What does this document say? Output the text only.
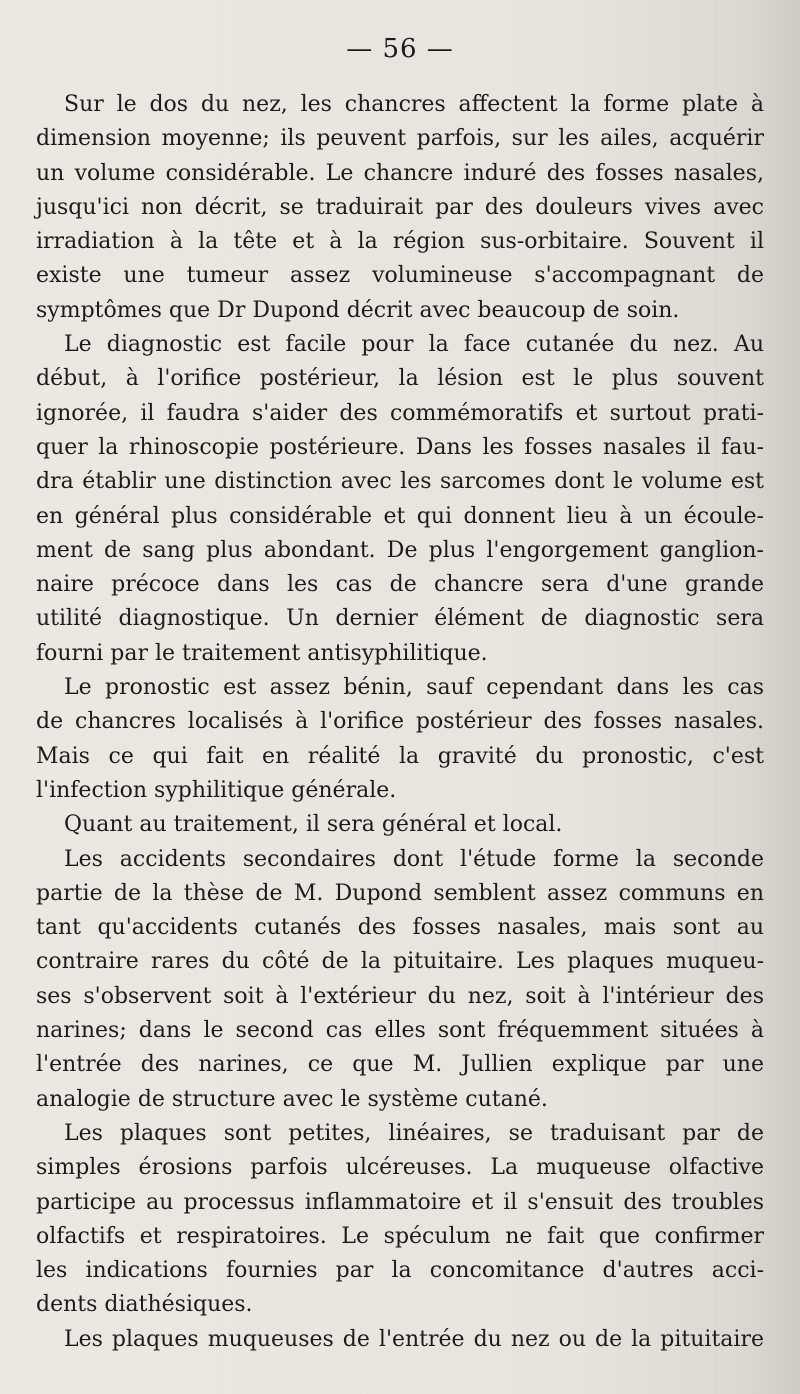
— 56 —
Sur le dos du nez, les chancres affectent la forme plate à
dimension moyenne; ils peuvent parfois, sur les ailes, acquérir
un volume considérable. Le chancre induré des fosses nasales,
jusqu'ici non décrit, se traduirait par des douleurs vives avec
irradiation à la tête et à la région sus-orbitaire. Souvent il
existe une tumeur assez volumineuse s'accompagnant de
symptômes que Dr Dupond décrit avec beaucoup de soin.
Le diagnostic est facile pour la face cutanée du nez. Au
début, à l'orifice postérieur, la lésion est le plus souvent
ignorée, il faudra s'aider des commémoratifs et surtout prati-
quer la rhinoscopie postérieure. Dans les fosses nasales il fau-
dra établir une distinction avec les sarcomes dont le volume est
en général plus considérable et qui donnent lieu à un écoule-
ment de sang plus abondant. De plus l'engorgement ganglion-
naire précoce dans les cas de chancre sera d'une grande
utilité diagnostique. Un dernier élément de diagnostic sera
fourni par le traitement antisyphilitique.
Le pronostic est assez bénin, sauf cependant dans les cas
de chancres localisés à l'orifice postérieur des fosses nasales.
Mais ce qui fait en réalité la gravité du pronostic, c'est
l'infection syphilitique générale.
Quant au traitement, il sera général et local.
Les accidents secondaires dont l'étude forme la seconde
partie de la thèse de M. Dupond semblent assez communs en
tant qu'accidents cutanés des fosses nasales, mais sont au
contraire rares du côté de la pituitaire. Les plaques muqueu-
ses s'observent soit à l'extérieur du nez, soit à l'intérieur des
narines; dans le second cas elles sont fréquemment situées à
l'entrée des narines, ce que M. Jullien explique par une
analogie de structure avec le système cutané.
Les plaques sont petites, linéaires, se traduisant par de
simples érosions parfois ulcéreuses. La muqueuse olfactive
participe au processus inflammatoire et il s'ensuit des troubles
olfactifs et respiratoires. Le spéculum ne fait que confirmer
les indications fournies par la concomitance d'autres acci-
dents diathésiques.
Les plaques muqueuses de l'entrée du nez ou de la pituitaire
